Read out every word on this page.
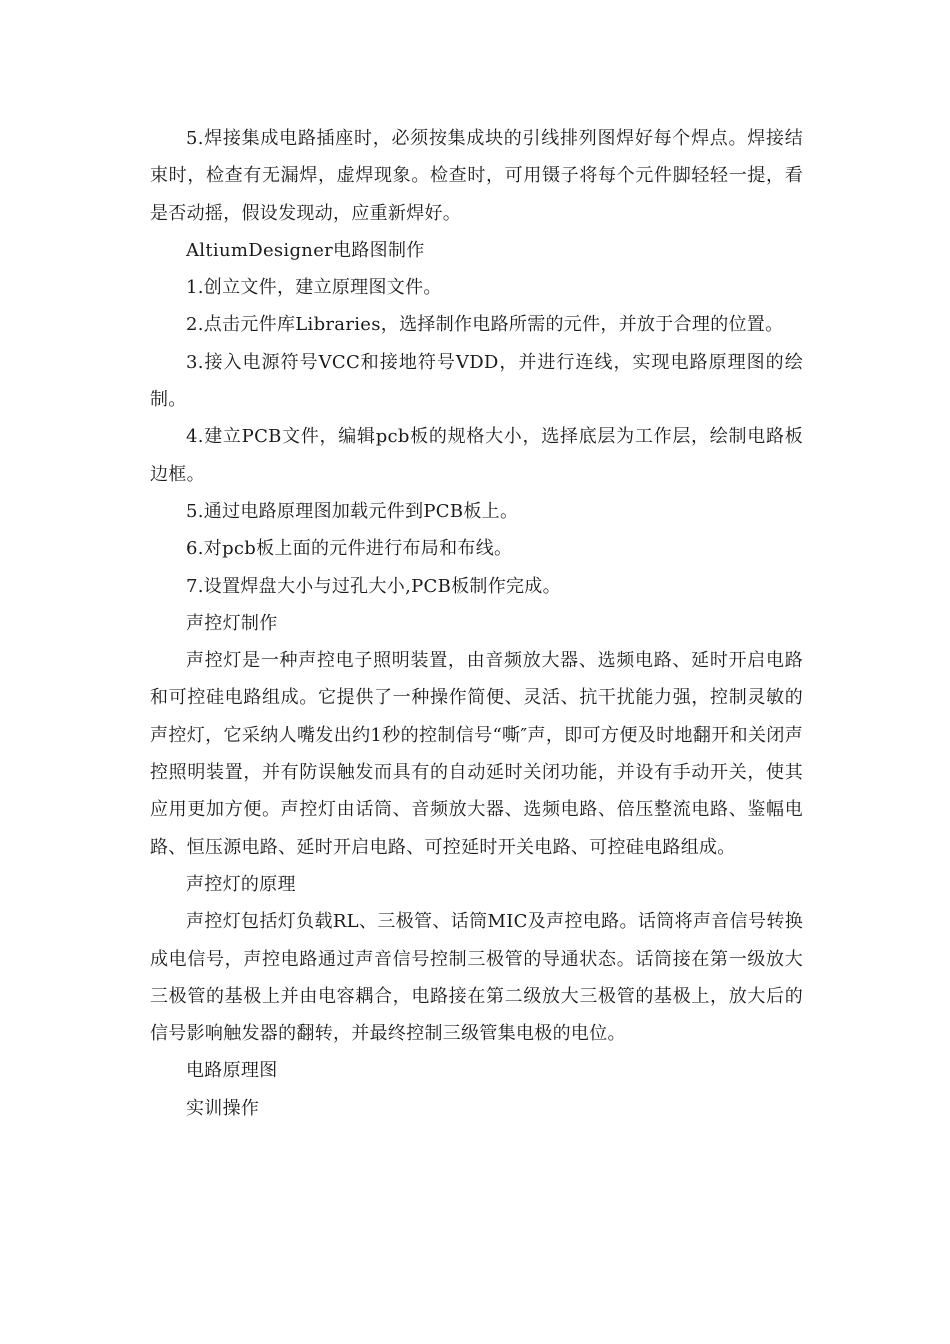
5.焊接集成电路插座时，必须按集成块的引线排列图焊好每个焊点。焊接结束时，检查有无漏焊，虚焊现象。检查时，可用镊子将每个元件脚轻轻一提，看是否动摇，假设发现动，应重新焊好。

AltiumDesigner电路图制作

1.创立文件，建立原理图文件。

2.点击元件库Libraries，选择制作电路所需的元件，并放于合理的位置。

3.接入电源符号VCC和接地符号VDD，并进行连线，实现电路原理图的绘制。

4.建立PCB文件，编辑pcb板的规格大小，选择底层为工作层，绘制电路板边框。

5.通过电路原理图加载元件到PCB板上。

6.对pcb板上面的元件进行布局和布线。

7.设置焊盘大小与过孔大小,PCB板制作完成。

声控灯制作

声控灯是一种声控电子照明装置，由音频放大器、选频电路、延时开启电路和可控硅电路组成。它提供了一种操作简便、灵活、抗干扰能力强，控制灵敏的声控灯，它采纳人嘴发出约1秒的控制信号“嘶″声，即可方便及时地翻开和关闭声控照明装置，并有防误触发而具有的自动延时关闭功能，并设有手动开关，使其应用更加方便。声控灯由话筒、音频放大器、选频电路、倍压整流电路、鉴幅电路、恒压源电路、延时开启电路、可控延时开关电路、可控硅电路组成。

声控灯的原理

声控灯包括灯负载RL、三极管、话筒MIC及声控电路。话筒将声音信号转换成电信号，声控电路通过声音信号控制三极管的导通状态。话筒接在第一级放大三极管的基极上并由电容耦合，电路接在第二级放大三极管的基极上，放大后的信号影响触发器的翻转，并最终控制三级管集电极的电位。

电路原理图

实训操作
